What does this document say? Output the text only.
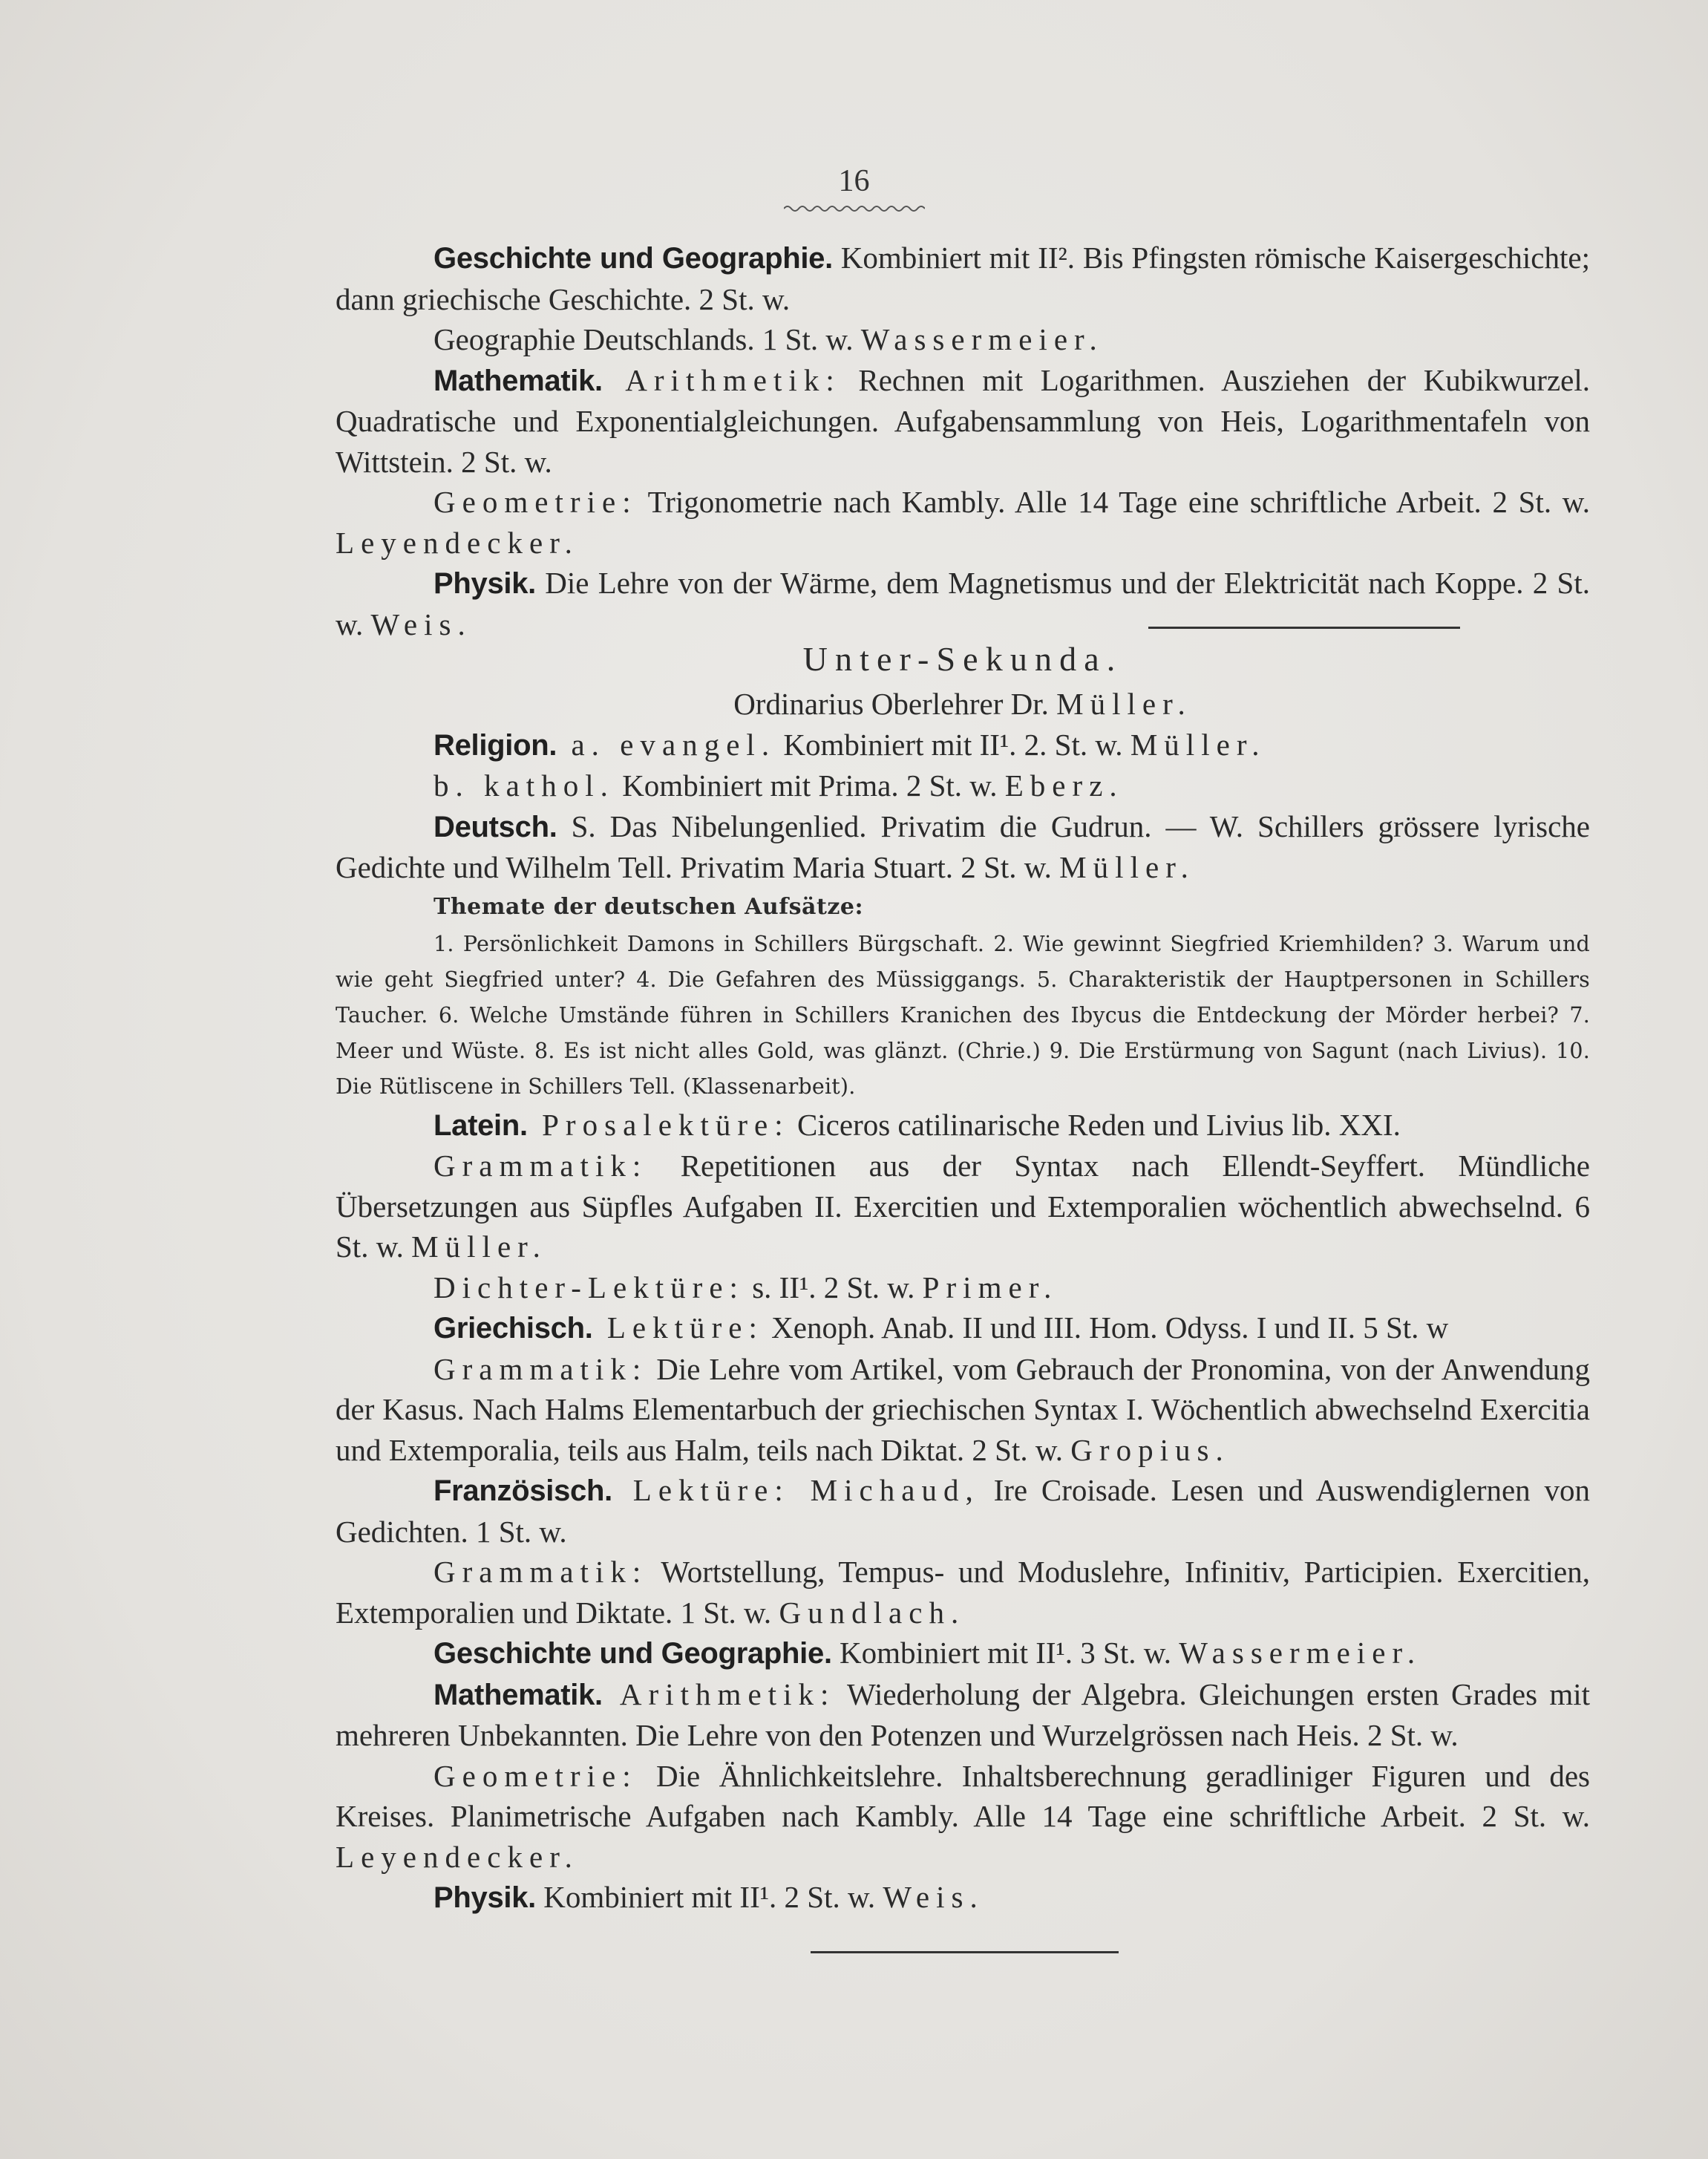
16

Geschichte und Geographie. Kombiniert mit II². Bis Pfingsten römische Kaisergeschichte; dann griechische Geschichte. 2 St. w.

Geographie Deutschlands. 1 St. w. Wassermeier.

Mathematik. Arithmetik: Rechnen mit Logarithmen. Ausziehen der Kubikwurzel. Quadratische und Exponentialgleichungen. Aufgabensammlung von Heis, Logarithmentafeln von Wittstein. 2 St. w.

Geometrie: Trigonometrie nach Kambly. Alle 14 Tage eine schriftliche Arbeit. 2 St. w. Leyendecker.

Physik. Die Lehre von der Wärme, dem Magnetismus und der Elektricität nach Koppe. 2 St. w. Weis.

Unter-Sekunda.

Ordinarius Oberlehrer Dr. Müller.

Religion. a. evangel. Kombiniert mit II¹. 2. St. w. Müller.

b. kathol. Kombiniert mit Prima. 2 St. w. Eberz.

Deutsch. S. Das Nibelungenlied. Privatim die Gudrun. — W. Schillers grössere lyrische Gedichte und Wilhelm Tell. Privatim Maria Stuart. 2 St. w. Müller.

Themate der deutschen Aufsätze:

1. Persönlichkeit Damons in Schillers Bürgschaft. 2. Wie gewinnt Siegfried Kriemhilden? 3. Warum und wie geht Siegfried unter? 4. Die Gefahren des Müssiggangs. 5. Charakteristik der Hauptpersonen in Schillers Taucher. 6. Welche Umstände führen in Schillers Kranichen des Ibycus die Entdeckung der Mörder herbei? 7. Meer und Wüste. 8. Es ist nicht alles Gold, was glänzt. (Chrie.) 9. Die Erstürmung von Sagunt (nach Livius). 10. Die Rütliscene in Schillers Tell. (Klassenarbeit).

Latein. Prosalektüre: Ciceros catilinarische Reden und Livius lib. XXI.

Grammatik: Repetitionen aus der Syntax nach Ellendt-Seyffert. Mündliche Übersetzungen aus Süpfles Aufgaben II. Exercitien und Extemporalien wöchentlich abwechselnd. 6 St. w. Müller.

Dichter-Lektüre: s. II¹. 2 St. w. Primer.

Griechisch. Lektüre: Xenoph. Anab. II und III. Hom. Odyss. I und II. 5 St. w

Grammatik: Die Lehre vom Artikel, vom Gebrauch der Pronomina, von der Anwendung der Kasus. Nach Halms Elementarbuch der griechischen Syntax I. Wöchentlich abwechselnd Exercitia und Extemporalia, teils aus Halm, teils nach Diktat. 2 St. w. Gropius.

Französisch. Lektüre: Michaud, Ire Croisade. Lesen und Auswendiglernen von Gedichten. 1 St. w.

Grammatik: Wortstellung, Tempus- und Moduslehre, Infinitiv, Participien. Exercitien, Extemporalien und Diktate. 1 St. w. Gundlach.

Geschichte und Geographie. Kombiniert mit II¹. 3 St. w. Wassermeier.

Mathematik. Arithmetik: Wiederholung der Algebra. Gleichungen ersten Grades mit mehreren Unbekannten. Die Lehre von den Potenzen und Wurzelgrössen nach Heis. 2 St. w.

Geometrie: Die Ähnlichkeitslehre. Inhaltsberechnung geradliniger Figuren und des Kreises. Planimetrische Aufgaben nach Kambly. Alle 14 Tage eine schriftliche Arbeit. 2 St. w. Leyendecker.

Physik. Kombiniert mit II¹. 2 St. w. Weis.
